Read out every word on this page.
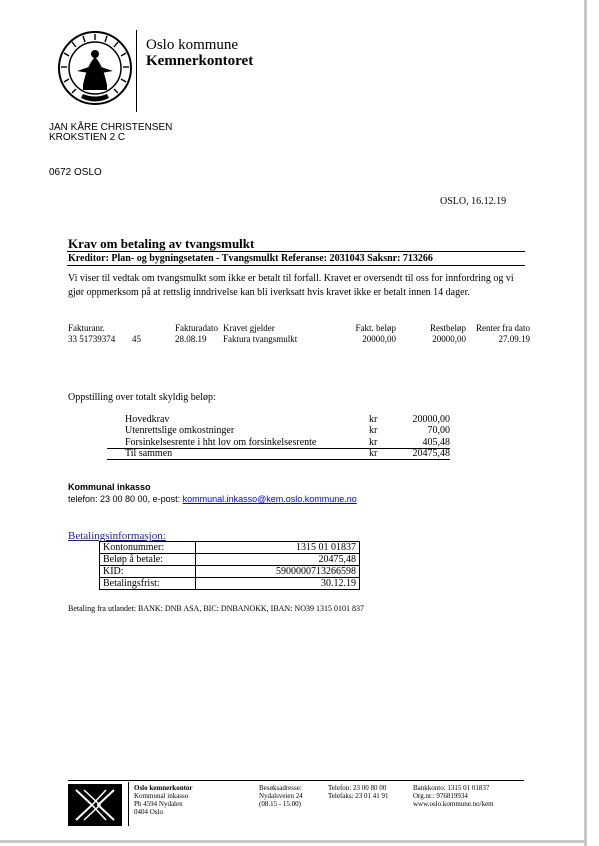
Oslo kommune
Kemnerkontoret
JAN KÅRE CHRISTENSEN
KROKSTIEN 2 C
0672 OSLO
OSLO, 16.12.19
Krav om betaling av tvangsmulkt
Kreditor: Plan- og bygningsetaten - Tvangsmulkt Referanse: 2031043 Saksnr: 713266
Vi viser til vedtak om tvangsmulkt som ikke er betalt til forfall. Kravet er oversendt til oss for innfordring og vi gjør oppmerksom på at rettslig inndrivelse kan bli iverksatt hvis kravet ikke er betalt innen 14 dager.
Fakturanr.	Fakturadato Kravet gjelder	Fakt. beløp	Restbeløp	Renter fra dato
33 51739374 45	28.08.19 Faktura tvangsmulkt	20000,00	20000,00	27.09.19
Oppstilling over totalt skyldig beløp:
Hovedkrav	kr	20000,00
Utenrettslige omkostninger	kr	70,00
Forsinkelsesrente i hht lov om forsinkelsesrente	kr	405,48
Til sammen	kr	20475,48
Kommunal inkasso
telefon: 23 00 80 00, e-post: kommunal.inkasso@kem.oslo.kommune.no
Betalingsinformasjon:
Kontonummer:	1315 01 01837
Beløp å betale:	20475,48
KID:	5900000713266598
Betalingsfrist:	30.12.19
Betaling fra utlandet: BANK: DNB ASA, BIC: DNBANOKK, IBAN: NO39 1315 0101 837
Oslo kemnerkontor
Kommunal inkasso
Pb 4594 Nydalen
0404 Oslo
Besøksadresse:
Nydalsveien 24
(08.15 - 15.00)
Telefon: 23 00 80 00
Telefaks: 23 01 41 91
Bankkonto: 1315 01 01837
Org.nr.: 976819934
www.oslo.kommune.no/kem
